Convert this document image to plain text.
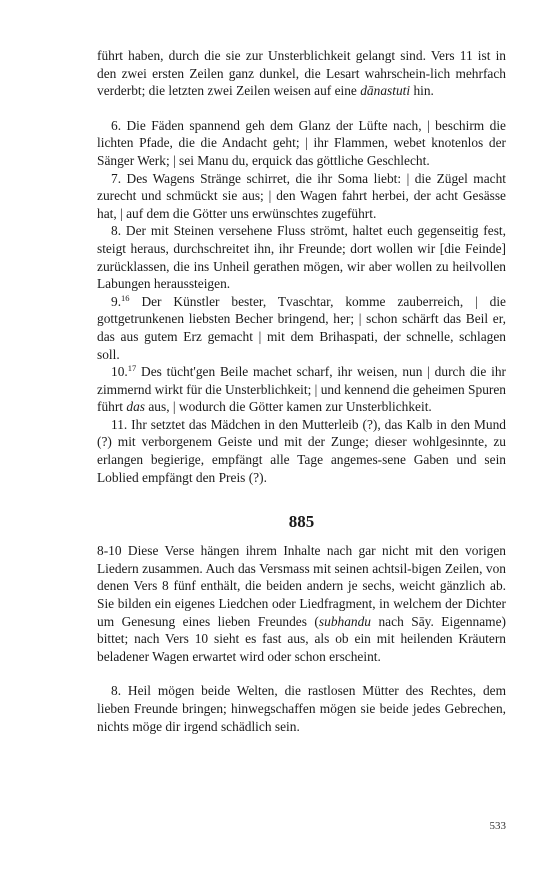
führt haben, durch die sie zur Unsterblichkeit gelangt sind. Vers 11 ist in den zwei ersten Zeilen ganz dunkel, die Lesart wahrschein-lich mehrfach verderbt; die letzten zwei Zeilen weisen auf eine dānastuti hin.

6. Die Fäden spannend geh dem Glanz der Lüfte nach, | beschirm die lichten Pfade, die die Andacht geht; | ihr Flammen, webet knotenlos der Sänger Werk; | sei Manu du, erquick das göttliche Geschlecht.

7. Des Wagens Stränge schirret, die ihr Soma liebt: | die Zügel macht zurecht und schmückt sie aus; | den Wagen fahrt herbei, der acht Gesässe hat, | auf dem die Götter uns erwünschtes zugeführt.

8. Der mit Steinen versehene Fluss strömt, haltet euch gegenseitig fest, steigt heraus, durchschreitet ihn, ihr Freunde; dort wollen wir [die Feinde] zurücklassen, die ins Unheil gerathen mögen, wir aber wollen zu heilvollen Labungen heraussteigen.

9.16 Der Künstler bester, Tvaschtar, komme zauberreich, | die gottgetrunkenen liebsten Becher bringend, her; | schon schärft das Beil er, das aus gutem Erz gemacht | mit dem Brihaspati, der schnelle, schlagen soll.

10.17 Des tücht'gen Beile machet scharf, ihr weisen, nun | durch die ihr zimmernd wirkt für die Unsterblichkeit; | und kennend die geheimen Spuren führt das aus, | wodurch die Götter kamen zur Unsterblichkeit.

11. Ihr setztet das Mädchen in den Mutterleib (?), das Kalb in den Mund (?) mit verborgenem Geiste und mit der Zunge; dieser wohlgesinnte, zu erlangen begierige, empfängt alle Tage angemes-sene Gaben und sein Loblied empfängt den Preis (?).

885

8-10 Diese Verse hängen ihrem Inhalte nach gar nicht mit den vorigen Liedern zusammen. Auch das Versmass mit seinen achtsil-bigen Zeilen, von denen Vers 8 fünf enthält, die beiden andern je sechs, weicht gänzlich ab. Sie bilden ein eigenes Liedchen oder Liedfragment, in welchem der Dichter um Genesung eines lieben Freundes (subhandu nach Sāy. Eigenname) bittet; nach Vers 10 sieht es fast aus, als ob ein mit heilenden Kräutern beladener Wagen erwartet wird oder schon erscheint.

8. Heil mögen beide Welten, die rastlosen Mütter des Rechtes, dem lieben Freunde bringen; hinwegschaffen mögen sie beide jedes Gebrechen, nichts möge dir irgend schädlich sein.

533
